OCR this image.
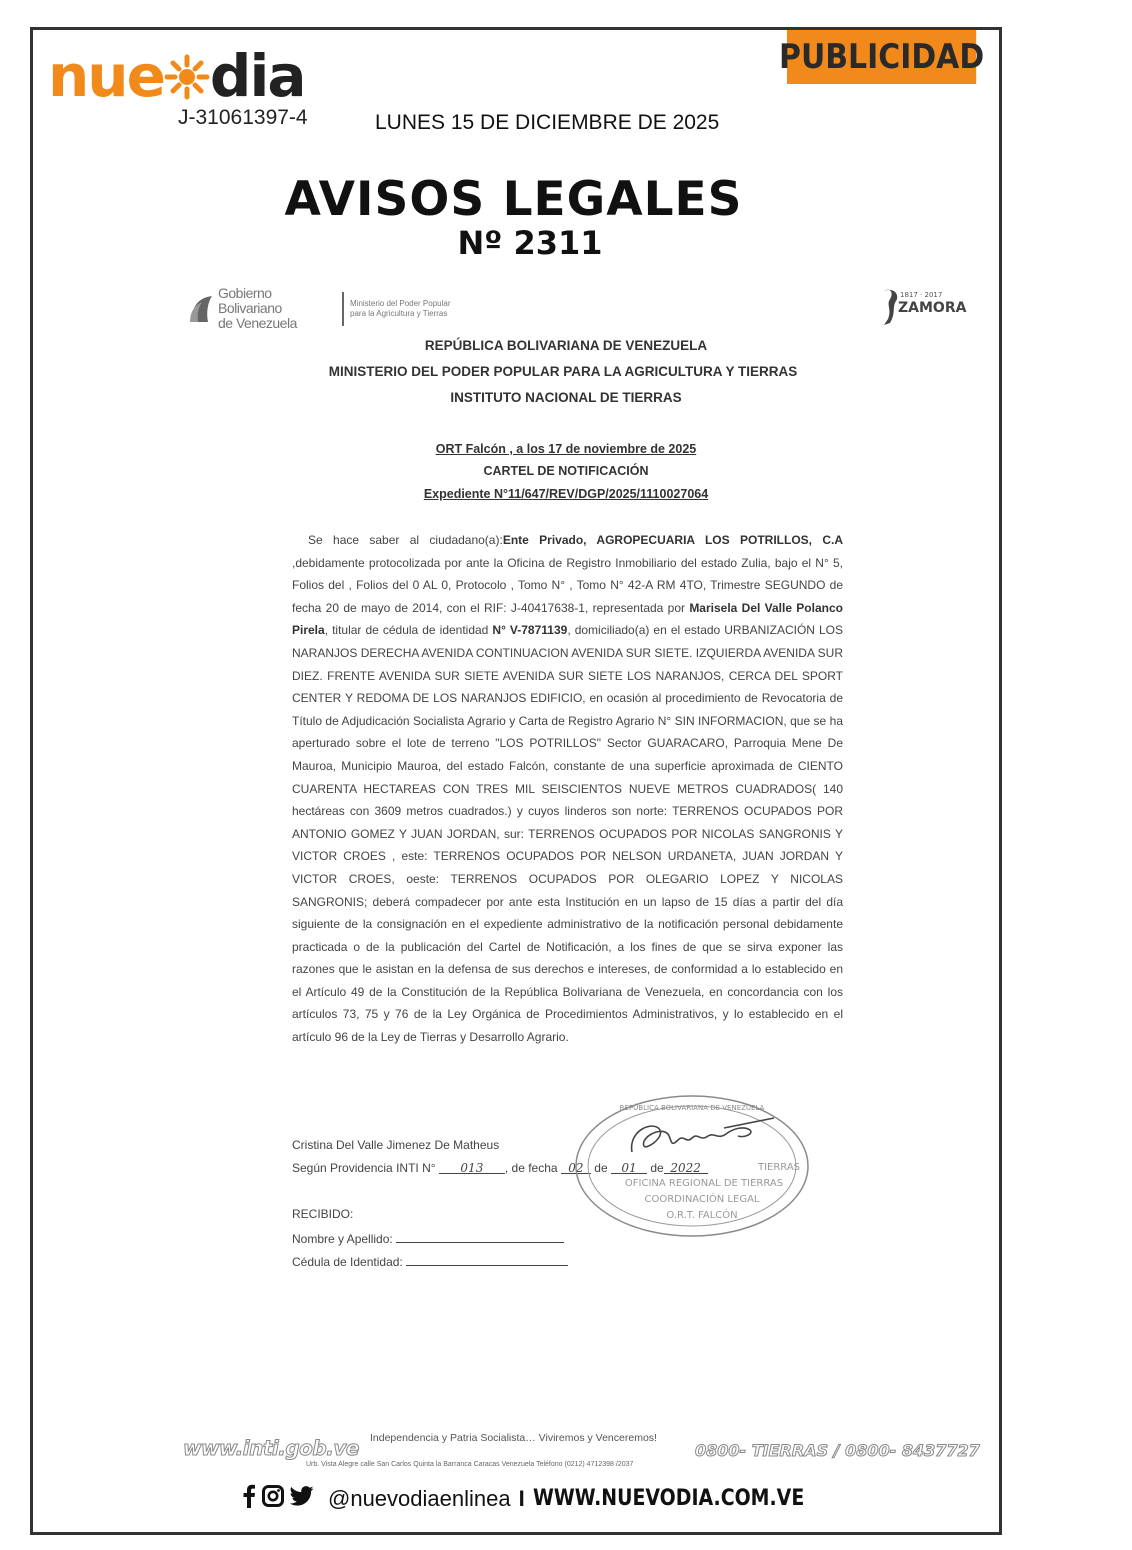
PUBLICIDAD
nue dia
J-31061397-4	LUNES 15 DE DICIEMBRE DE 2025
AVISOS LEGALES
Nº 2311
Gobierno Bolivariano
de Venezuela
Ministerio del Poder Popular
para la Agricultura y Tierras
1817 · 2017
ZAMORA
REPÚBLICA BOLIVARIANA DE VENEZUELA
MINISTERIO DEL PODER POPULAR PARA LA AGRICULTURA Y TIERRAS
INSTITUTO NACIONAL DE TIERRAS
ORT Falcón , a los 17 de noviembre de 2025
CARTEL DE NOTIFICACIÓN
Expediente N°11/647/REV/DGP/2025/1110027064
Se hace saber al ciudadano(a):Ente Privado, AGROPECUARIA LOS POTRILLOS, C.A ,debidamente protocolizada por ante la Oficina de Registro Inmobiliario del estado Zulia, bajo el N° 5, Folios del , Folios del 0 AL 0, Protocolo , Tomo N° , Tomo N° 42-A RM 4TO, Trimestre SEGUNDO de fecha 20 de mayo de 2014, con el RIF: J-40417638-1, representada por Marisela Del Valle Polanco Pirela, titular de cédula de identidad N° V-7871139, domiciliado(a) en el estado URBANIZACIÓN LOS NARANJOS DERECHA AVENIDA CONTINUACION AVENIDA SUR SIETE. IZQUIERDA AVENIDA SUR DIEZ. FRENTE AVENIDA SUR SIETE AVENIDA SUR SIETE LOS NARANJOS, CERCA DEL SPORT CENTER Y REDOMA DE LOS NARANJOS EDIFICIO, en ocasión al procedimiento de Revocatoria de Título de Adjudicación Socialista Agrario y Carta de Registro Agrario N° SIN INFORMACION, que se ha aperturado sobre el lote de terreno "LOS POTRILLOS" Sector GUARACARO, Parroquia Mene De Mauroa, Municipio Mauroa, del estado Falcón, constante de una superficie aproximada de CIENTO CUARENTA HECTAREAS CON TRES MIL SEISCIENTOS NUEVE METROS CUADRADOS( 140 hectáreas con 3609 metros cuadrados.) y cuyos linderos son norte: TERRENOS OCUPADOS POR ANTONIO GOMEZ Y JUAN JORDAN, sur: TERRENOS OCUPADOS POR NICOLAS SANGRONIS Y VICTOR CROES , este: TERRENOS OCUPADOS POR NELSON URDANETA, JUAN JORDAN Y VICTOR CROES, oeste: TERRENOS OCUPADOS POR OLEGARIO LOPEZ Y NICOLAS SANGRONIS; deberá compadecer por ante esta Institución en un lapso de 15 días a partir del día siguiente de la consignación en el expediente administrativo de la notificación personal debidamente practicada o de la publicación del Cartel de Notificación, a los fines de que se sirva exponer las razones que le asistan en la defensa de sus derechos e intereses, de conformidad a lo establecido en el Artículo 49 de la Constitución de la República Bolivariana de Venezuela, en concordancia con los artículos 73, 75 y 76 de la Ley Orgánica de Procedimientos Administrativos, y lo establecido en el artículo 96 de la Ley de Tierras y Desarrollo Agrario.
Cristina Del Valle Jimenez De Matheus
Según Providencia INTI N° 013 , de fecha 02 de 01 de 2022
RECIBIDO:
Nombre y Apellido:
Cédula de Identidad:
REPÚBLICA BOLIVARIANA DE VENEZUELA
TIERRAS
OFICINA REGIONAL DE TIERRAS
COORDINACIÓN LEGAL
O.R.T. FALCÓN
www.inti.gob.ve Independencia y Patria Socialista… Viviremos y Venceremos!
Urb. Vista Alegre calle San Carlos Quinta la Barranca Caracas Venezuela Teléfono (0212) 4712398 /2037
0800- TIERRAS / 0800- 8437727
@nuevodiaenlinea I WWW.NUEVODIA.COM.VE
